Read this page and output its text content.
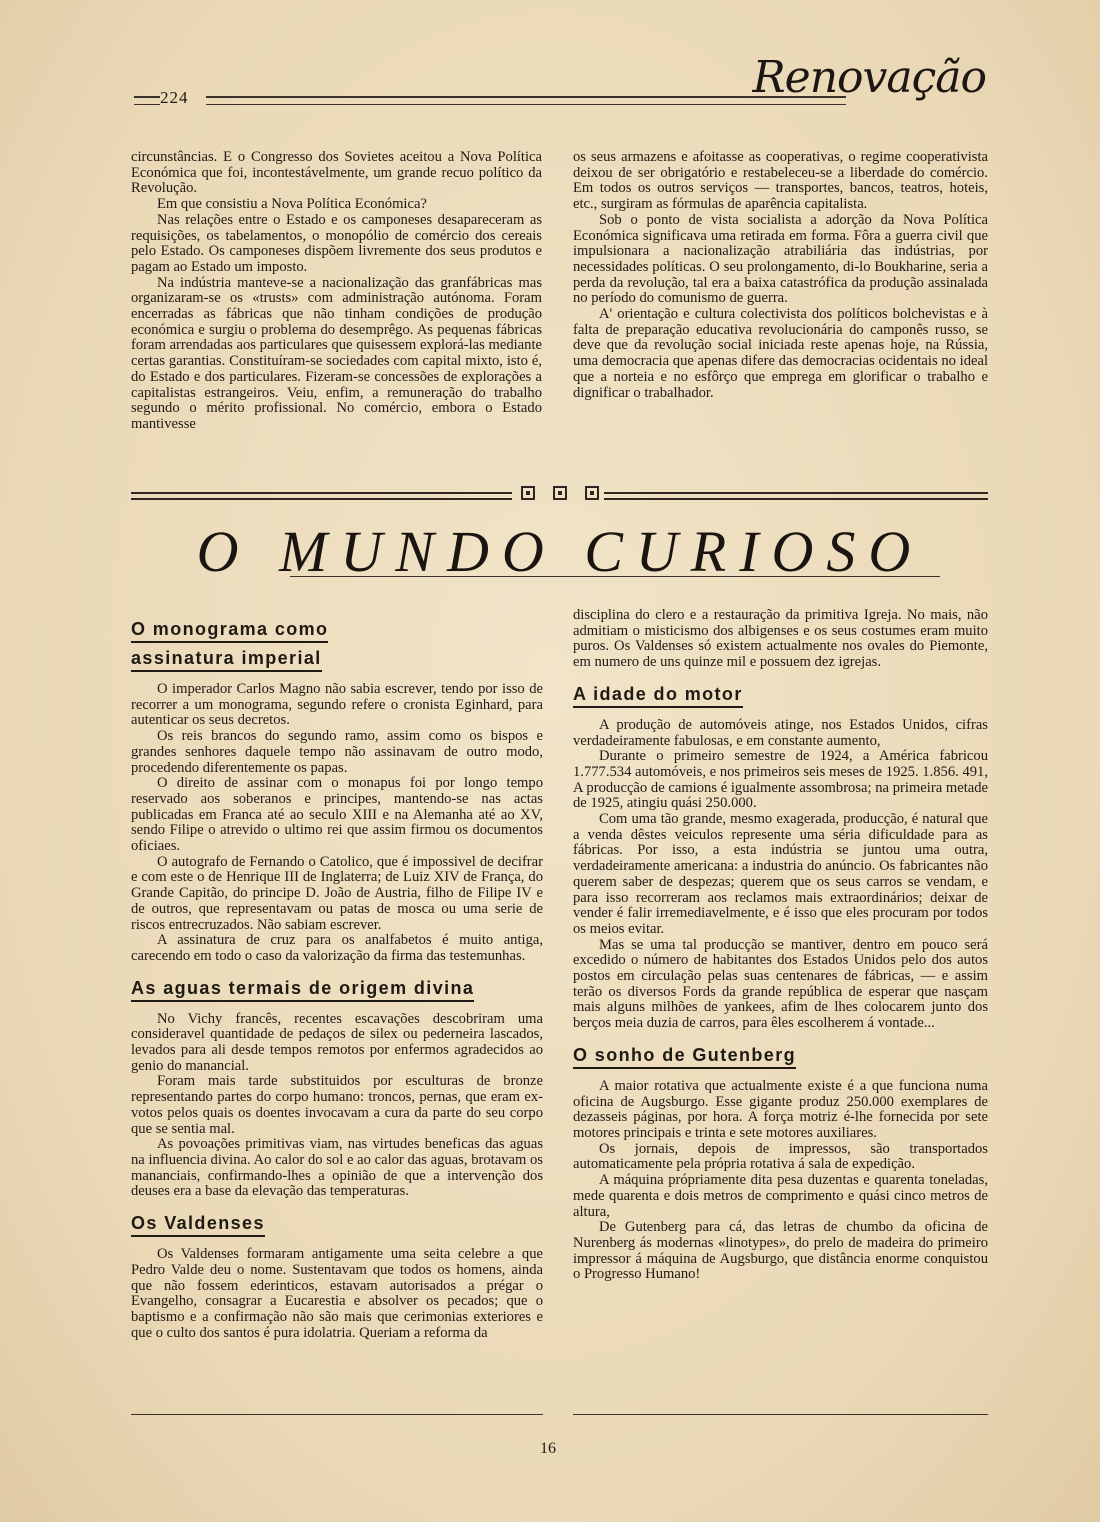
224	Renovação

circunstâncias. E o Congresso dos Sovietes aceitou a Nova Política Económica que foi, incontestávelmente, um grande recuo político da Revolução.

Em que consistiu a Nova Política Económica?

Nas relações entre o Estado e os camponeses desapareceram as requisições, os tabelamentos, o monopólio de comércio dos cereais pelo Estado. Os camponeses dispõem livremente dos seus produtos e pagam ao Estado um imposto.

Na indústria manteve-se a nacionalização das granfábricas mas organizaram-se os «trusts» com administração autónoma. Foram encerradas as fábricas que não tinham condições de produção económica e surgiu o problema do desemprêgo. As pequenas fábricas foram arrendadas aos particulares que quisessem explorá-las mediante certas garantias. Constituíram-se sociedades com capital mixto, isto é, do Estado e dos particulares. Fizeram-se concessões de explorações a capitalistas estrangeiros. Veiu, enfim, a remuneração do trabalho segundo o mérito profissional. No comércio, embora o Estado mantivesse

os seus armazens e afoitasse as cooperativas, o regime cooperativista deixou de ser obrigatório e restabeleceu-se a liberdade do comércio. Em todos os outros serviços — transportes, bancos, teatros, hoteis, etc., surgiram as fórmulas de aparência capitalista.

Sob o ponto de vista socialista a adorção da Nova Política Económica significava uma retirada em forma. Fôra a guerra civil que impulsionara a nacionalização atrabiliária das indústrias, por necessidades políticas. O seu prolongamento, di-lo Boukharine, seria a perda da revolução, tal era a baixa catastrófica da produção assinalada no período do comunismo de guerra.

A' orientação e cultura colectivista dos políticos bolchevistas e à falta de preparação educativa revolucionária do camponês russo, se deve que da revolução social iniciada reste apenas hoje, na Rússia, uma democracia que apenas difere das democracias ocidentais no ideal que a norteia e no esfôrço que emprega em glorificar o trabalho e dignificar o trabalhador.

O MUNDO CURIOSO
O monograma como
assinatura imperial

O imperador Carlos Magno não sabia escrever, tendo por isso de recorrer a um monograma, segundo refere o cronista Eginhard, para autenticar os seus decretos.

Os reis brancos do segundo ramo, assim como os bispos e grandes senhores daquele tempo não assinavam de outro modo, procedendo diferentemente os papas.

O direito de assinar com o monapus foi por longo tempo reservado aos soberanos e principes, mantendo-se nas actas publicadas em Franca até ao seculo XIII e na Alemanha até ao XV, sendo Filipe o atrevido o ultimo rei que assim firmou os documentos oficiaes.

O autografo de Fernando o Catolico, que é impossivel de decifrar e com este o de Henrique III de Inglaterra; de Luiz XIV de França, do Grande Capitão, do principe D. João de Austria, filho de Filipe IV e de outros, que representavam ou patas de mosca ou uma serie de riscos entrecruzados. Não sabiam escrever.

A assinatura de cruz para os analfabetos é muito antiga, carecendo em todo o caso da valorização da firma das testemunhas.

As aguas termais de origem divina

No Vichy francês, recentes escavações descobriram uma consideravel quantidade de pedaços de silex ou pederneira lascados, levados para ali desde tempos remotos por enfermos agradecidos ao genio do manancial.

Foram mais tarde substituidos por esculturas de bronze representando partes do corpo humano: troncos, pernas, que eram ex-votos pelos quais os doentes invocavam a cura da parte do seu corpo que se sentia mal.

As povoações primitivas viam, nas virtudes beneficas das aguas na influencia divina. Ao calor do sol e ao calor das aguas, brotavam os mananciais, confirmando-lhes a opinião de que a intervenção dos deuses era a base da elevação das temperaturas.

Os Valdenses

Os Valdenses formaram antigamente uma seita celebre a que Pedro Valde deu o nome. Sustentavam que todos os homens, ainda que não fossem ederinticos, estavam autorisados a prégar o Evangelho, consagrar a Eucarestia e absolver os pecados; que o baptismo e a confirmação não são mais que cerimonias exteriores e que o culto dos santos é pura idolatria. Queriam a reforma da

disciplina do clero e a restauração da primitiva Igreja. No mais, não admitiam o misticismo dos albigenses e os seus costumes eram muito puros. Os Valdenses só existem actualmente nos ovales do Piemonte, em numero de uns quinze mil e possuem dez igrejas.

A idade do motor

A produção de automóveis atinge, nos Estados Unidos, cifras verdadeiramente fabulosas, e em constante aumento,

Durante o primeiro semestre de 1924, a América fabricou 1.777.534 automóveis, e nos primeiros seis meses de 1925. 1.856. 491, A producção de camions é igualmente assombrosa; na primeira metade de 1925, atingiu quási 250.000.

Com uma tão grande, mesmo exagerada, producção, é natural que a venda dêstes veiculos represente uma séria dificuldade para as fábricas. Por isso, a esta indústria se juntou uma outra, verdadeiramente americana: a industria do anúncio. Os fabricantes não querem saber de despezas; querem que os seus carros se vendam, e para isso recorreram aos reclamos mais extraordinários; deixar de vender é falir irremediavelmente, e é isso que eles procuram por todos os meios evitar.

Mas se uma tal producção se mantiver, dentro em pouco será excedido o número de habitantes dos Estados Unidos pelo dos autos postos em circulação pelas suas centenares de fábricas, — e assim terão os diversos Fords da grande república de esperar que nasçam mais alguns milhões de yankees, afim de lhes colocarem junto dos berços meia duzia de carros, para êles escolherem á vontade...

O sonho de Gutenberg

A maior rotativa que actualmente existe é a que funciona numa oficina de Augsburgo. Esse gigante produz 250.000 exemplares de dezasseis páginas, por hora. A força motriz é-lhe fornecida por sete motores principais e trinta e sete motores auxiliares.

Os jornais, depois de impressos, são transportados automaticamente pela própria rotativa á sala de expedição.

A máquina própriamente dita pesa duzentas e quarenta toneladas, mede quarenta e dois metros de comprimento e quási cinco metros de altura,

De Gutenberg para cá, das letras de chumbo da oficina de Nurenberg ás modernas «linotypes», do prelo de madeira do primeiro impressor á máquina de Augsburgo, que distância enorme conquistou o Progresso Humano!

16
